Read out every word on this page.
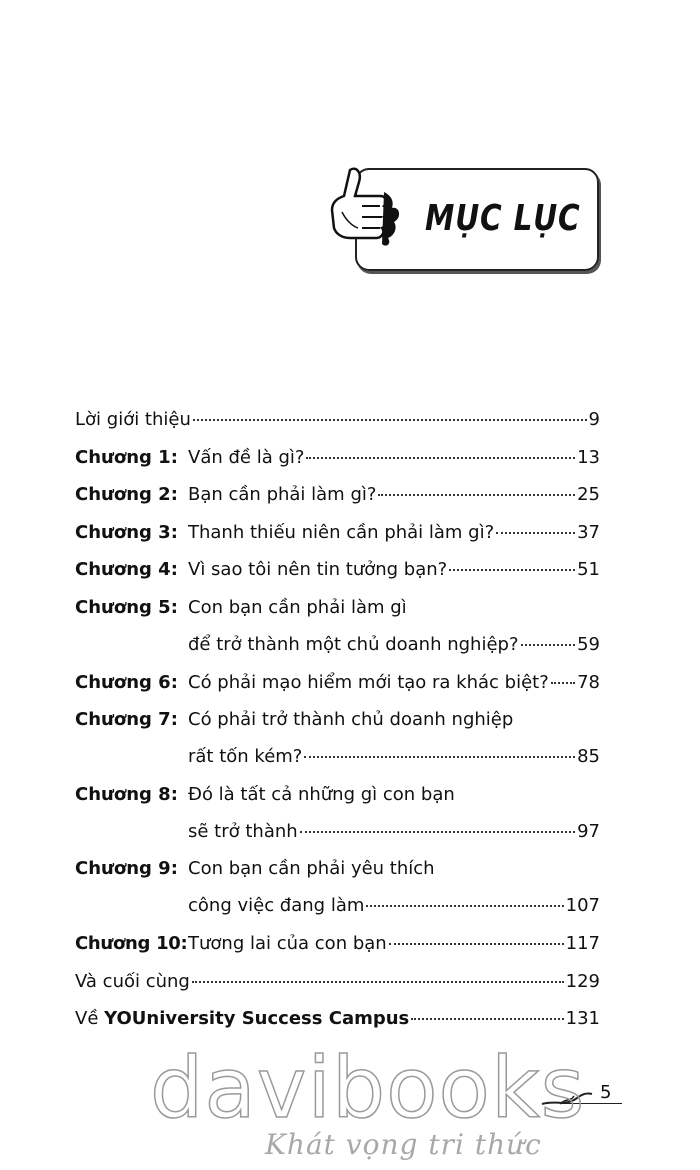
MỤC LỤC
Lời giới thiệu	9
Chương 1: Vấn đề là gì?	13
Chương 2: Bạn cần phải làm gì?	25
Chương 3: Thanh thiếu niên cần phải làm gì?	37
Chương 4: Vì sao tôi nên tin tưởng bạn?	51
Chương 5: Con bạn cần phải làm gì
để trở thành một chủ doanh nghiệp?	59
Chương 6: Có phải mạo hiểm mới tạo ra khác biệt? 78
Chương 7: Có phải trở thành chủ doanh nghiệp
rất tốn kém?	85
Chương 8: Đó là tất cả những gì con bạn
sẽ trở thành	97
Chương 9: Con bạn cần phải yêu thích
công việc đang làm	107
Chương 10: Tương lai của con bạn	117
Và cuối cùng	129
Về YOUniversity Success Campus	131
5
davibooks
Khát vọng tri thức
